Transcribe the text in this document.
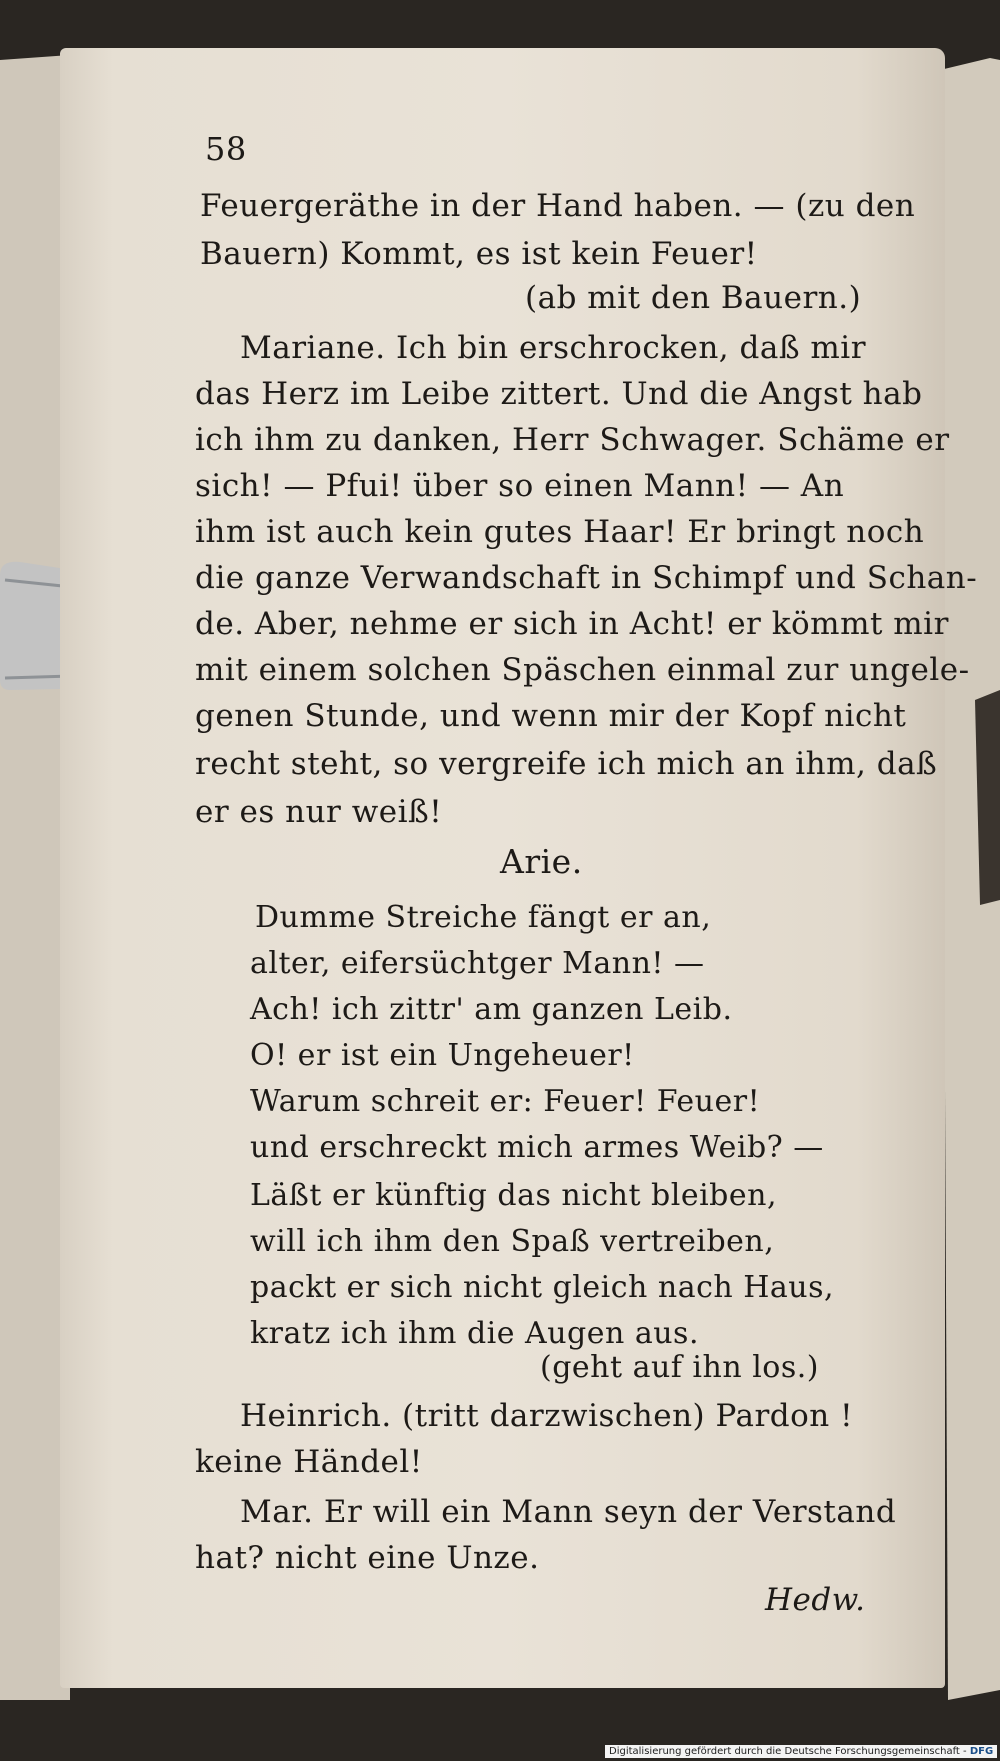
58
Feuergeräthe in der Hand haben. — (zu den
Bauern) Kommt, es ist kein Feuer!
(ab mit den Bauern.)
Mariane. Ich bin erschrocken, daß mir
das Herz im Leibe zittert. Und die Angst hab
ich ihm zu danken, Herr Schwager. Schäme er
sich! — Pfui! über so einen Mann! — An
ihm ist auch kein gutes Haar! Er bringt noch
die ganze Verwandschaft in Schimpf und Schan-
de. Aber, nehme er sich in Acht! er kömmt mir
mit einem solchen Späschen einmal zur ungele-
genen Stunde, und wenn mir der Kopf nicht
recht steht, so vergreife ich mich an ihm, daß
er es nur weiß!
Arie.
Dumme Streiche fängt er an,
alter, eifersüchtger Mann! —
Ach! ich zittr' am ganzen Leib.
O! er ist ein Ungeheuer!
Warum schreit er: Feuer! Feuer!
und erschreckt mich armes Weib? —
Läßt er künftig das nicht bleiben,
will ich ihm den Spaß vertreiben,
packt er sich nicht gleich nach Haus,
kratz ich ihm die Augen aus.
(geht auf ihn los.)
Heinrich. (tritt darzwischen) Pardon !
keine Händel!
Mar. Er will ein Mann seyn der Verstand
hat? nicht eine Unze.
Hedw.
Digitalisierung gefördert durch die Deutsche Forschungsgemeinschaft - DFG
